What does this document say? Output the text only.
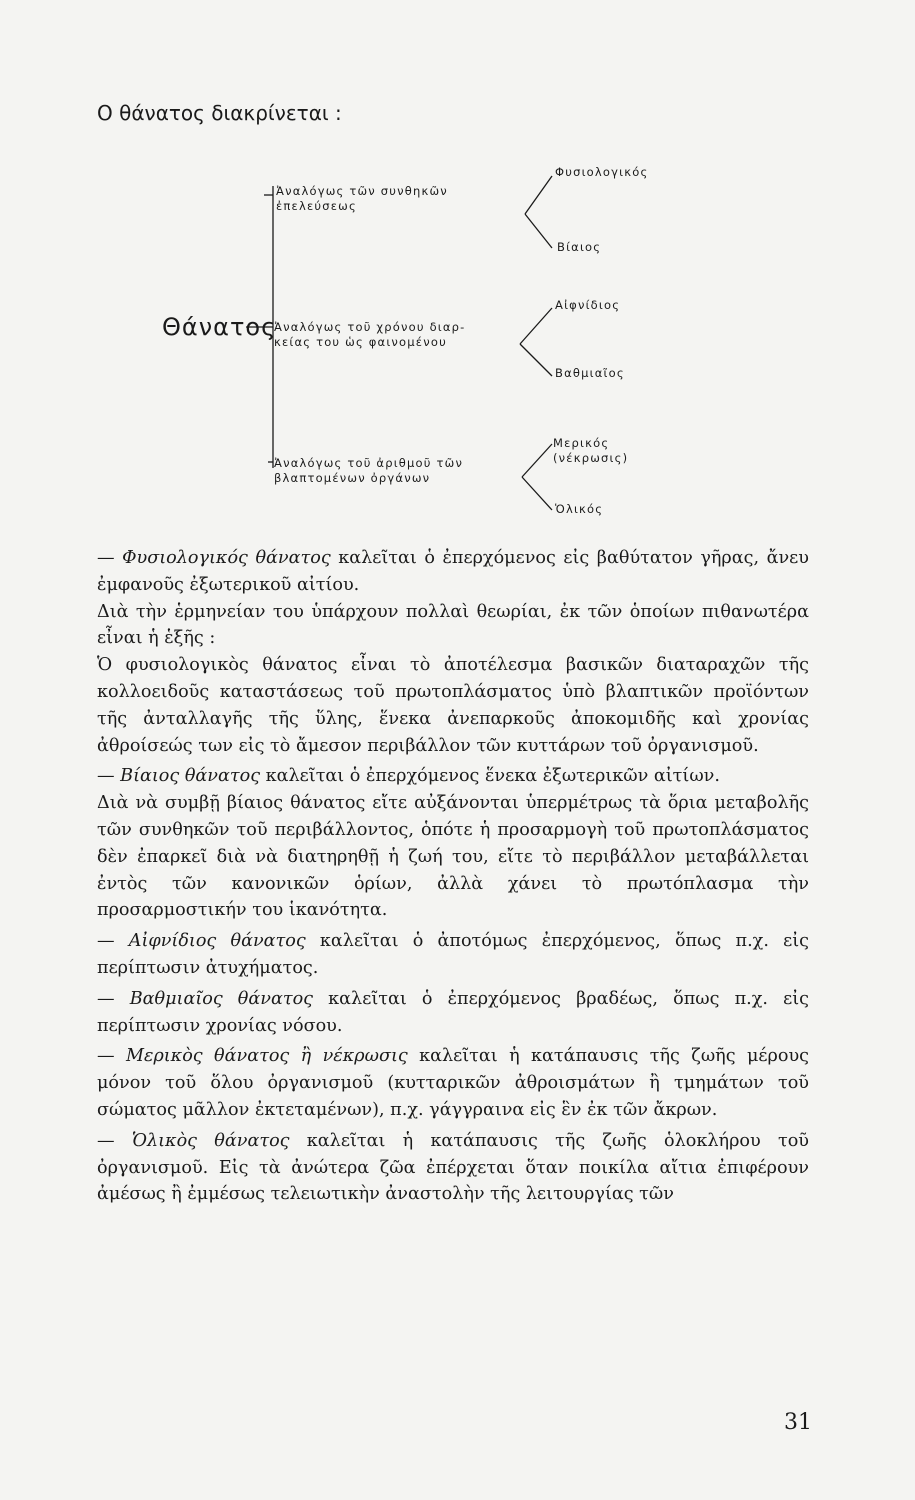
Ο θάνατος διακρίνεται :
Θάνατος
Ἀναλόγως τῶν συνθηκῶν
ἐπελεύσεως
Φυσιολογικός
Βίαιος
Ἀναλόγως τοῦ χρόνου διαρ-
κείας του ὡς φαινομένου
Αἰφνίδιος
Βαθμιαῖος
Ἀναλόγως τοῦ ἀριθμοῦ τῶν
βλαπτομένων ὀργάνων
Μερικός (νέκρωσις)
Ὁλικός

— Φυσιολογικός θάνατος καλεῖται ὁ ἐπερχόμενος εἰς βαθύτατον γῆρας, ἄνευ ἐμφανοῦς ἐξωτερικοῦ αἰτίου.

Διὰ τὴν ἑρμηνείαν του ὑπάρχουν πολλαὶ θεωρίαι, ἐκ τῶν ὁποίων πιθανωτέρα εἶναι ἡ ἑξῆς :

Ὁ φυσιολογικὸς θάνατος εἶναι τὸ ἀποτέλεσμα βασικῶν διαταραχῶν τῆς κολλοειδοῦς καταστάσεως τοῦ πρωτοπλάσματος ὑπὸ βλαπτικῶν προϊόντων τῆς ἀνταλλαγῆς τῆς ὕλης, ἕνεκα ἀνεπαρκοῦς ἀποκομιδῆς καὶ χρονίας ἀθροίσεώς των εἰς τὸ ἄμεσον περιβάλλον τῶν κυττάρων τοῦ ὀργανισμοῦ.

— Βίαιος θάνατος καλεῖται ὁ ἐπερχόμενος ἕνεκα ἐξωτερικῶν αἰτίων.

Διὰ νὰ συμβῇ βίαιος θάνατος εἴτε αὐξάνονται ὑπερμέτρως τὰ ὅρια μεταβολῆς τῶν συνθηκῶν τοῦ περιβάλλοντος, ὁπότε ἡ προσαρμογὴ τοῦ πρωτοπλάσματος δὲν ἐπαρκεῖ διὰ νὰ διατηρηθῇ ἡ ζωή του, εἴτε τὸ περιβάλλον μεταβάλλεται ἐντὸς τῶν κανονικῶν ὁρίων, ἀλλὰ χάνει τὸ πρωτόπλασμα τὴν προσαρμοστικήν του ἱκανότητα.

— Αἰφνίδιος θάνατος καλεῖται ὁ ἀποτόμως ἐπερχόμενος, ὅπως π.χ. εἰς περίπτωσιν ἀτυχήματος.

— Βαθμιαῖος θάνατος καλεῖται ὁ ἐπερχόμενος βραδέως, ὅπως π.χ. εἰς περίπτωσιν χρονίας νόσου.

— Μερικὸς θάνατος ἢ νέκρωσις καλεῖται ἡ κατάπαυσις τῆς ζωῆς μέρους μόνον τοῦ ὅλου ὀργανισμοῦ (κυτταρικῶν ἀθροισμάτων ἢ τμημάτων τοῦ σώματος μᾶλλον ἐκτεταμένων), π.χ. γάγγραινα εἰς ἓν ἐκ τῶν ἄκρων.

— Ὁλικὸς θάνατος καλεῖται ἡ κατάπαυσις τῆς ζωῆς ὁλοκλήρου τοῦ ὀργανισμοῦ. Εἰς τὰ ἀνώτερα ζῶα ἐπέρχεται ὅταν ποικίλα αἴτια ἐπιφέρουν ἀμέσως ἢ ἐμμέσως τελειωτικὴν ἀναστολὴν τῆς λειτουργίας τῶν

31
